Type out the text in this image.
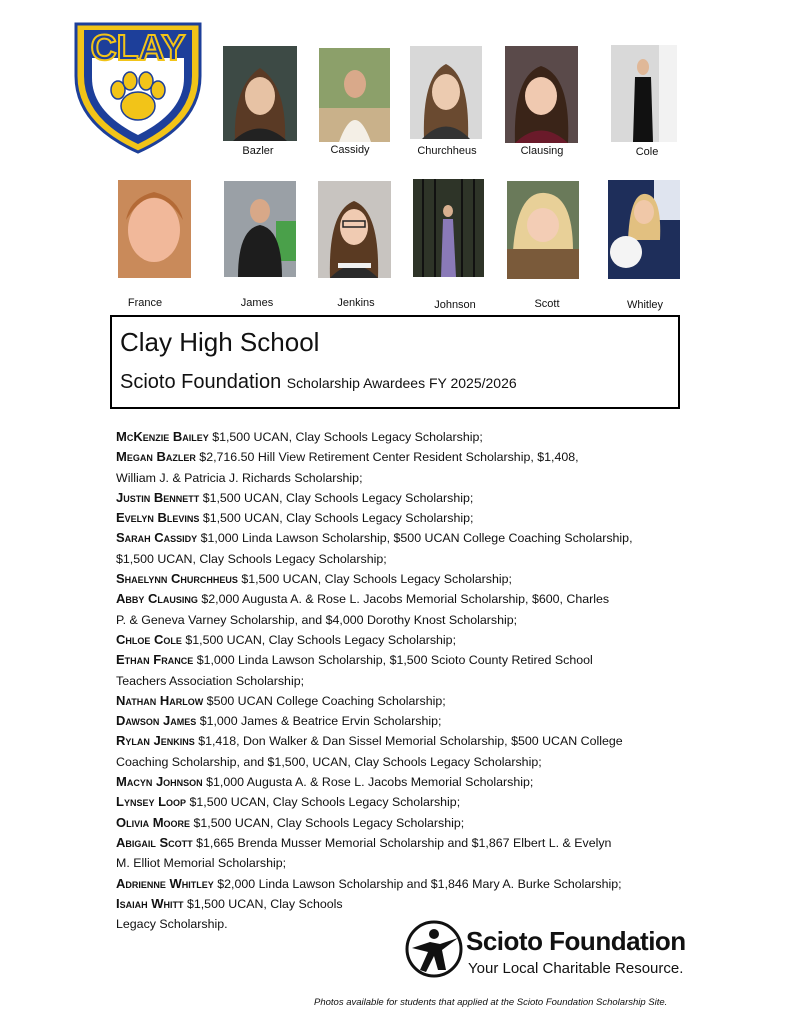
CLAY
Bazler	Cassidy	Churchheus	Clausing	Cole
France	James	Jenkins	Johnson	Scott	Whitley
Clay High School
Scioto Foundation Scholarship Awardees FY 2025/2026
McKenzie Bailey $1,500 UCAN, Clay Schools Legacy Scholarship;
Megan Bazler $2,716.50 Hill View Retirement Center Resident Scholarship, $1,408,
William J. & Patricia J. Richards Scholarship;
Justin Bennett $1,500 UCAN, Clay Schools Legacy Scholarship;
Evelyn Blevins $1,500 UCAN, Clay Schools Legacy Scholarship;
Sarah Cassidy $1,000 Linda Lawson Scholarship, $500 UCAN College Coaching Scholarship,
$1,500 UCAN, Clay Schools Legacy Scholarship;
Shaelynn Churchheus $1,500 UCAN, Clay Schools Legacy Scholarship;
Abby Clausing $2,000 Augusta A. & Rose L. Jacobs Memorial Scholarship, $600, Charles
P. & Geneva Varney Scholarship, and $4,000 Dorothy Knost Scholarship;
Chloe Cole $1,500 UCAN, Clay Schools Legacy Scholarship;
Ethan France $1,000 Linda Lawson Scholarship, $1,500 Scioto County Retired School
Teachers Association Scholarship;
Nathan Harlow $500 UCAN College Coaching Scholarship;
Dawson James $1,000 James & Beatrice Ervin Scholarship;
Rylan Jenkins $1,418, Don Walker & Dan Sissel Memorial Scholarship, $500 UCAN College
Coaching Scholarship, and $1,500, UCAN, Clay Schools Legacy Scholarship;
Macyn Johnson $1,000 Augusta A. & Rose L. Jacobs Memorial Scholarship;
Lynsey Loop $1,500 UCAN, Clay Schools Legacy Scholarship;
Olivia Moore $1,500 UCAN, Clay Schools Legacy Scholarship;
Abigail Scott $1,665 Brenda Musser Memorial Scholarship and $1,867 Elbert L. & Evelyn
M. Elliot Memorial Scholarship;
Adrienne Whitley $2,000 Linda Lawson Scholarship and $1,846 Mary A. Burke Scholarship;
Isaiah Whitt $1,500 UCAN, Clay Schools
Legacy Scholarship.
Scioto Foundation
Your Local Charitable Resource.
Photos available for students that applied at the Scioto Foundation Scholarship Site.
